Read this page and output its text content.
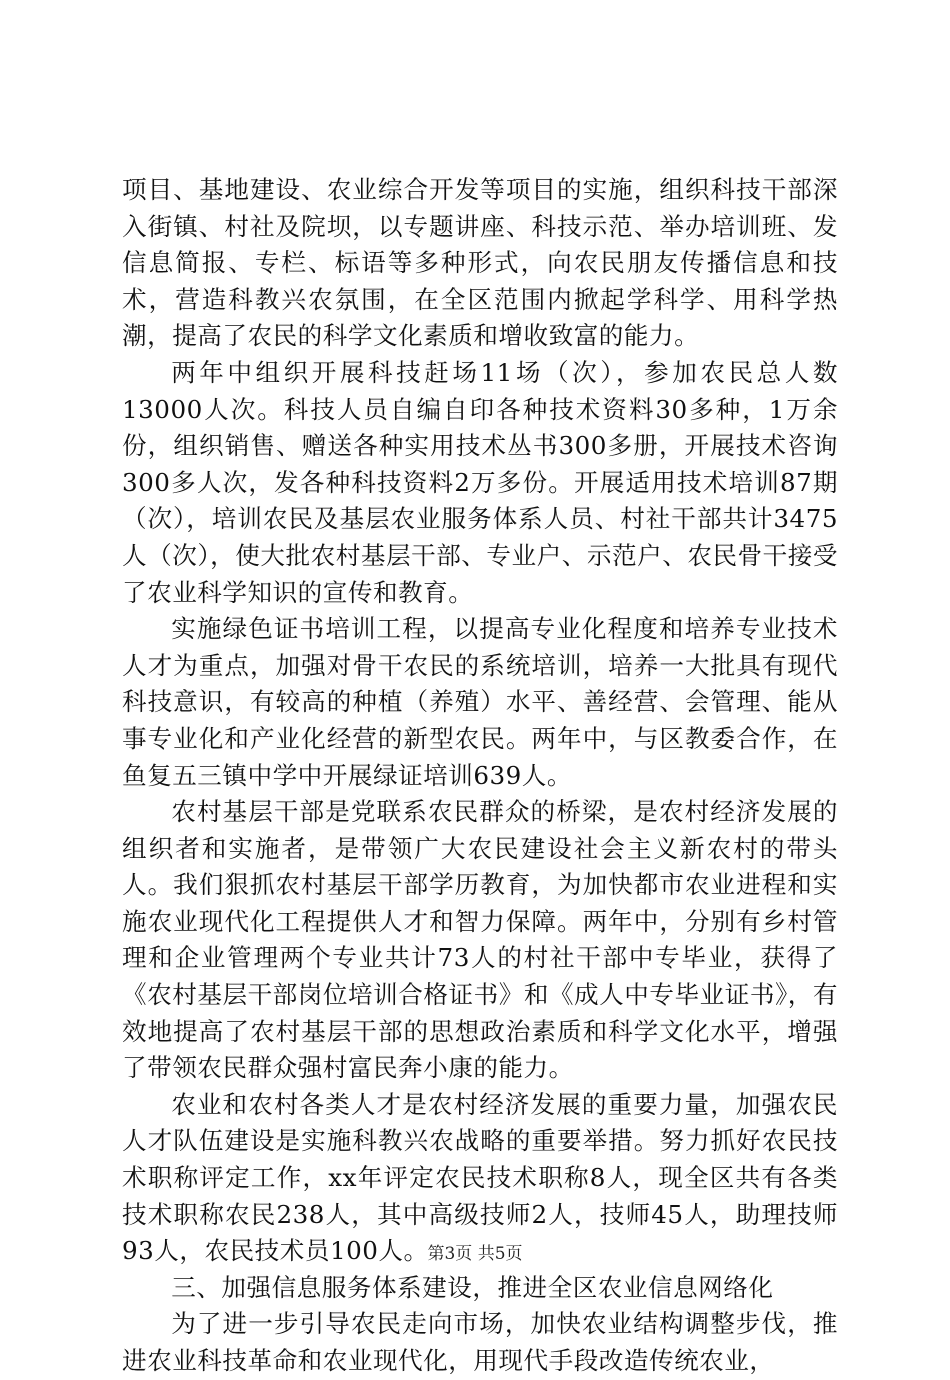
项目、基地建设、农业综合开发等项目的实施，组织科技干部深入街镇、村社及院坝，以专题讲座、科技示范、举办培训班、发信息简报、专栏、标语等多种形式，向农民朋友传播信息和技术，营造科教兴农氛围，在全区范围内掀起学科学、用科学热潮，提高了农民的科学文化素质和增收致富的能力。

两年中组织开展科技赶场11场（次），参加农民总人数13000人次。科技人员自编自印各种技术资料30多种，1万余份，组织销售、赠送各种实用技术丛书300多册，开展技术咨询300多人次，发各种科技资料2万多份。开展适用技术培训87期（次），培训农民及基层农业服务体系人员、村社干部共计3475人（次），使大批农村基层干部、专业户、示范户、农民骨干接受了农业科学知识的宣传和教育。

实施绿色证书培训工程，以提高专业化程度和培养专业技术人才为重点，加强对骨干农民的系统培训，培养一大批具有现代科技意识，有较高的种植（养殖）水平、善经营、会管理、能从事专业化和产业化经营的新型农民。两年中，与区教委合作，在鱼复五三镇中学中开展绿证培训639人。

农村基层干部是党联系农民群众的桥梁，是农村经济发展的组织者和实施者，是带领广大农民建设社会主义新农村的带头人。我们狠抓农村基层干部学历教育，为加快都市农业进程和实施农业现代化工程提供人才和智力保障。两年中，分别有乡村管理和企业管理两个专业共计73人的村社干部中专毕业，获得了《农村基层干部岗位培训合格证书》和《成人中专毕业证书》，有效地提高了农村基层干部的思想政治素质和科学文化水平，增强了带领农民群众强村富民奔小康的能力。

农业和农村各类人才是农村经济发展的重要力量，加强农民人才队伍建设是实施科教兴农战略的重要举措。努力抓好农民技术职称评定工作，xx年评定农民技术职称8人，现全区共有各类技术职称农民238人，其中高级技师2人，技师45人，助理技师93人，农民技术员100人。

三、加强信息服务体系建设，推进全区农业信息网络化

为了进一步引导农民走向市场，加快农业结构调整步伐，推进农业科技革命和农业现代化，用现代手段改造传统农业，

第3页 共5页
